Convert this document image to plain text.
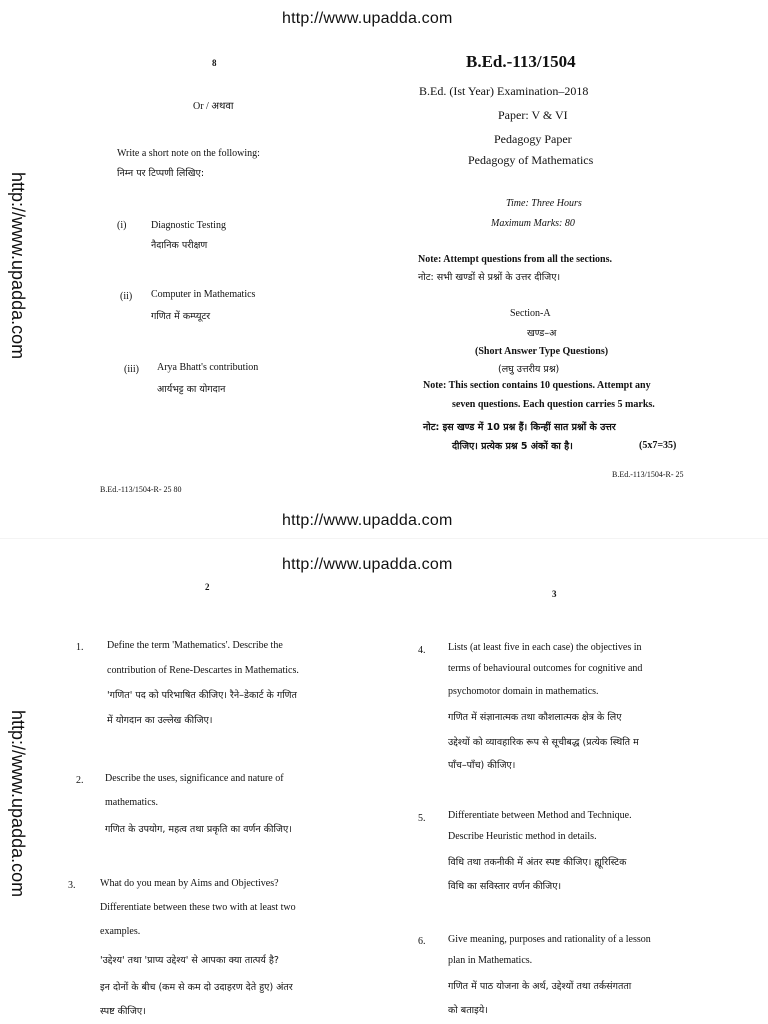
http://www.upadda.com
http://www.upadda.com
http://www.upadda.com
http://www.upadda.com
http://www.upadda.com
8
Or / अथवा
Write a short note on the following:
निम्न पर टिप्पणी लिखिए:
(i) Diagnostic Testing
नैदानिक परीक्षण
(ii) Computer in Mathematics
गणित में कम्प्यूटर
(iii) Arya Bhatt's contribution
आर्यभट्ट का योगदान
B.Ed.-113/1504-R- 25 80
B.Ed.-113/1504
B.Ed. (Ist Year) Examination–2018
Paper: V & VI
Pedagogy Paper
Pedagogy of Mathematics
Time: Three Hours
Maximum Marks: 80
Note: Attempt questions from all the sections.
नोट: सभी खण्डों से प्रश्नों के उत्तर दीजिए।
Section-A
खण्ड–अ
(Short Answer Type Questions)
(लघु उत्तरीय प्रश्न)
Note: This section contains 10 questions. Attempt any
seven questions. Each question carries 5 marks.
नोट: इस खण्ड में 10 प्रश्न हैं। किन्हीं सात प्रश्नों के उत्तर
दीजिए। प्रत्येक प्रश्न 5 अंकों का है।	(5x7=35)
B.Ed.-113/1504-R- 25
2
3
1. Define the term 'Mathematics'. Describe the
contribution of Rene-Descartes in Mathematics.
'गणित' पद को परिभाषित कीजिए। रैने–डेकार्ट के गणित
में योगदान का उल्लेख कीजिए।
2. Describe the uses, significance and nature of
mathematics.
गणित के उपयोग, महत्व तथा प्रकृति का वर्णन कीजिए।
3. What do you mean by Aims and Objectives?
Differentiate between these two with at least two
examples.
'उद्देश्य' तथा 'प्राप्य उद्देश्य' से आपका क्या तात्पर्य है?
इन दोनों के बीच (कम से कम दो उदाहरण देते हुए) अंतर
स्पष्ट कीजिए।
4. Lists (at least five in each case) the objectives in
terms of behavioural outcomes for cognitive and
psychomotor domain in mathematics.
गणित में संज्ञानात्मक तथा कौशलात्मक क्षेत्र के लिए
उद्देश्यों को व्यावहारिक रूप से सूचीबद्ध (प्रत्येक स्थिति म
पाँच–पाँच) कीजिए।
5. Differentiate between Method and Technique.
Describe Heuristic method in details.
विधि तथा तकनीकी में अंतर स्पष्ट कीजिए। ह्यूरिस्टिक
विधि का सविस्तार वर्णन कीजिए।
6. Give meaning, purposes and rationality of a lesson
plan in Mathematics.
गणित में पाठ योजना के अर्थ, उद्देश्यों तथा तर्कसंगतता
को बताइये।
